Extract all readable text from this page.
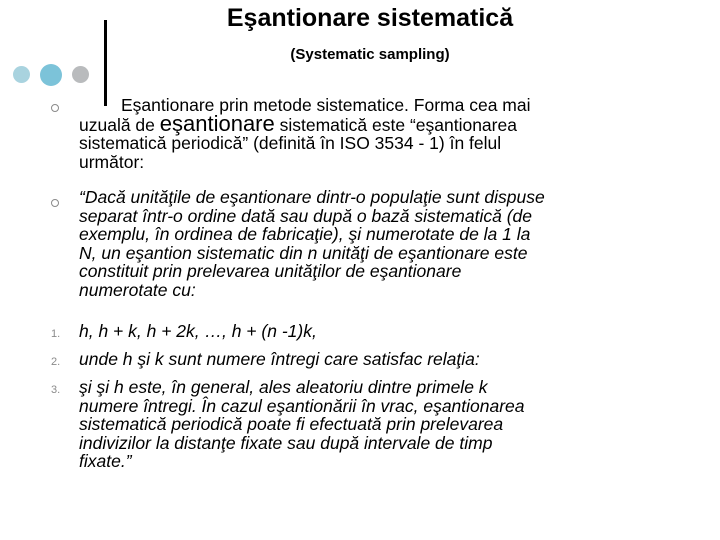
Eşantionare sistematică
(Systematic sampling)

Eşantionare prin metode sistematice. Forma cea mai
uzuală de eşantionare sistematică este “eşantionarea
sistematică periodică” (definită în ISO 3534 - 1) în felul
următor:

“Dacă unităţile de eşantionare dintr-o populaţie sunt dispuse
separat într-o ordine dată sau după o bază sistematică (de
exemplu, în ordinea de fabricaţie), şi numerotate de la 1 la
N, un eşantion sistematic din n unităţi de eşantionare este
constituit prin prelevarea unităţilor de eşantionare
numerotate cu:

1. h, h + k, h + 2k, …, h + (n -1)k,

2. unde h şi k sunt numere întregi care satisfac relaţia:

3. şi şi h este, în general, ales aleatoriu dintre primele k
numere întregi. În cazul eşantionării în vrac, eşantionarea
sistematică periodică poate fi efectuată prin prelevarea
indivizilor la distanţe fixate sau după intervale de timp
fixate.”
